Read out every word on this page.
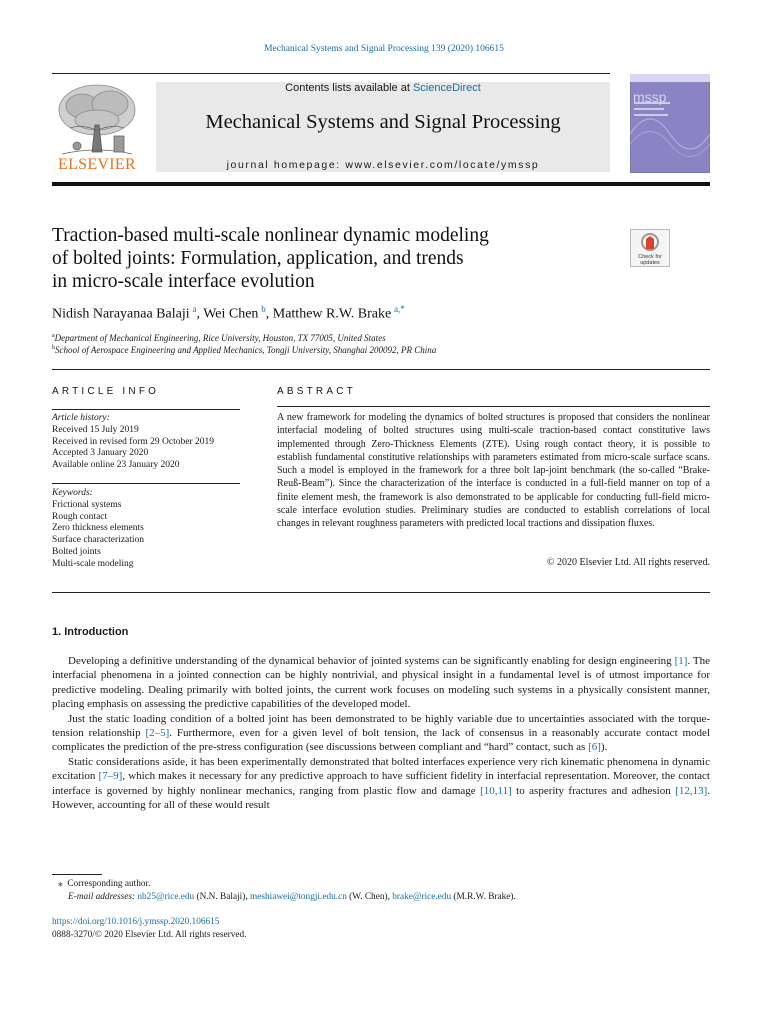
Mechanical Systems and Signal Processing 139 (2020) 106615
ELSEVIER
Contents lists available at ScienceDirect
Mechanical Systems and Signal Processing
journal homepage: www.elsevier.com/locate/ymssp
mssp
Traction-based multi-scale nonlinear dynamic modeling
of bolted joints: Formulation, application, and trends
in micro-scale interface evolution
Check for updates
Nidish Narayanaa Balaji  $^a$, Wei Chen  $^b$, Matthew R.W. Brake  $^{a,*}$
$^a$Department of Mechanical Engineering, Rice University, Houston, TX 77005, United States
$^b$School of Aerospace Engineering and Applied Mechanics, Tongji University, Shanghai 200092, PR China
ARTICLE INFO
Article history:
Received 15 July 2019
Received in revised form 29 October 2019
Accepted 3 January 2020
Available online 23 January 2020
Keywords:
Frictional systems
Rough contact
Zero thickness elements
Surface characterization
Bolted joints
Multi-scale modeling
ABSTRACT
A new framework for modeling the dynamics of bolted structures is proposed that considers the nonlinear interfacial modeling of bolted structures using multi-scale traction-based contact constitutive laws implemented through Zero-Thickness Elements (ZTE). Using rough contact theory, it is possible to establish fundamental constitutive relationships with parameters estimated from micro-scale surface scans. Such a model is employed in the framework for a three bolt lap-joint benchmark (the so-called “Brake-Reuß-Beam”). Since the characterization of the interface is conducted in a full-field manner on top of a finite element mesh, the framework is also demonstrated to be applicable for conducting full-field micro-scale interface evolution studies. Preliminary studies are conducted to establish correlations of local changes in relevant roughness parameters with predicted local tractions and dissipation fluxes.
© 2020 Elsevier Ltd. All rights reserved.
1. Introduction

Developing a definitive understanding of the dynamical behavior of jointed systems can be significantly enabling for design engineering [1]. The interfacial phenomena in a jointed connection can be highly nontrivial, and physical insight in a fundamental level is of utmost importance for predictive modeling. Dealing primarily with bolted joints, the current work focuses on modeling such systems in a physically consistent manner, placing emphasis on assessing the predictive capabilities of the developed model.

Just the static loading condition of a bolted joint has been demonstrated to be highly variable due to uncertainties associated with the torque-tension relationship [2–5]. Furthermore, even for a given level of bolt tension, the lack of consensus in a reasonably accurate contact model complicates the prediction of the pre-stress configuration (see discussions between compliant and “hard” contact, such as [6]).

Static considerations aside, it has been experimentally demonstrated that bolted interfaces experience very rich kinematic phenomena in dynamic excitation [7–9], which makes it necessary for any predictive approach to have sufficient fidelity in interfacial representation. Moreover, the contact interface is governed by highly nonlinear mechanics, ranging from plastic flow and damage [10,11] to asperity fractures and adhesion [12,13]. However, accounting for all of these would result

⁎ Corresponding author.
E-mail addresses: nb25@rice.edu (N.N. Balaji), meshiawei@tongji.edu.cn (W. Chen), brake@rice.edu (M.R.W. Brake).
https://doi.org/10.1016/j.ymssp.2020.106615
0888-3270/© 2020 Elsevier Ltd. All rights reserved.
